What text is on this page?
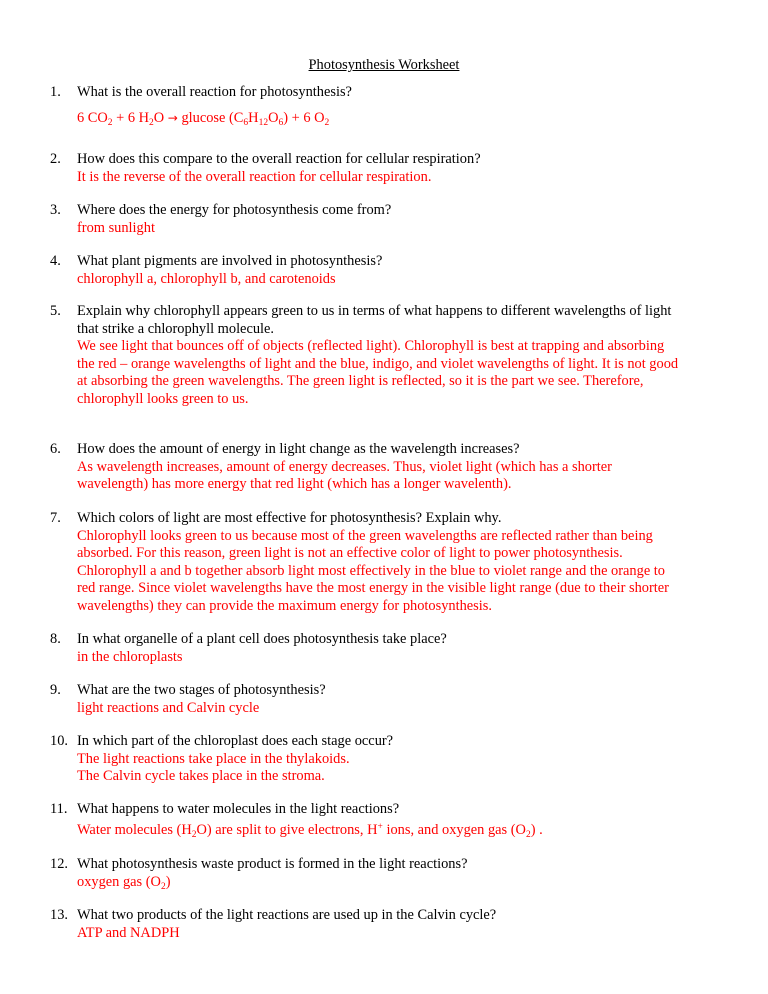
Photosynthesis Worksheet
1. What is the overall reaction for photosynthesis?
6 $CO_2 + 6$ $H_2O \to glucose$ $(C_6H_{12}O_6) + 6$ $O_2$
2. How does this compare to the overall reaction for cellular respiration?
It is the reverse of the overall reaction for cellular respiration.
3. Where does the energy for photosynthesis come from?
from sunlight
4. What plant pigments are involved in photosynthesis?
chlorophyll a, chlorophyll b, and carotenoids
5. Explain why chlorophyll appears green to us in terms of what happens to different wavelengths of light
that strike a chlorophyll molecule.
We see light that bounces off of objects (reflected light). Chlorophyll is best at trapping and absorbing
the red – orange wavelengths of light and the blue, indigo, and violet wavelengths of light. It is not good
at absorbing the green wavelengths. The green light is reflected, so it is the part we see. Therefore,
chlorophyll looks green to us.
6. How does the amount of energy in light change as the wavelength increases?
As wavelength increases, amount of energy decreases. Thus, violet light (which has a shorter
wavelength) has more energy that red light (which has a longer wavelenth).
7. Which colors of light are most effective for photosynthesis? Explain why.
Chlorophyll looks green to us because most of the green wavelengths are reflected rather than being
absorbed. For this reason, green light is not an effective color of light to power photosynthesis.
Chlorophyll a and b together absorb light most effectively in the blue to violet range and the orange to
red range. Since violet wavelengths have the most energy in the visible light range (due to their shorter
wavelengths) they can provide the maximum energy for photosynthesis.
8. In what organelle of a plant cell does photosynthesis take place?
in the chloroplasts
9. What are the two stages of photosynthesis?
light reactions and Calvin cycle
10. In which part of the chloroplast does each stage occur?
The light reactions take place in the thylakoids.
The Calvin cycle takes place in the stroma.
11. What happens to water molecules in the light reactions?
Water molecules $(H_2O)$ are split to give electrons, H+ ions, and oxygen gas $(O_2)$ .
12. What photosynthesis waste product is formed in the light reactions?
oxygen gas $(O_2)$
13. What two products of the light reactions are used up in the Calvin cycle?
ATP and NADPH
